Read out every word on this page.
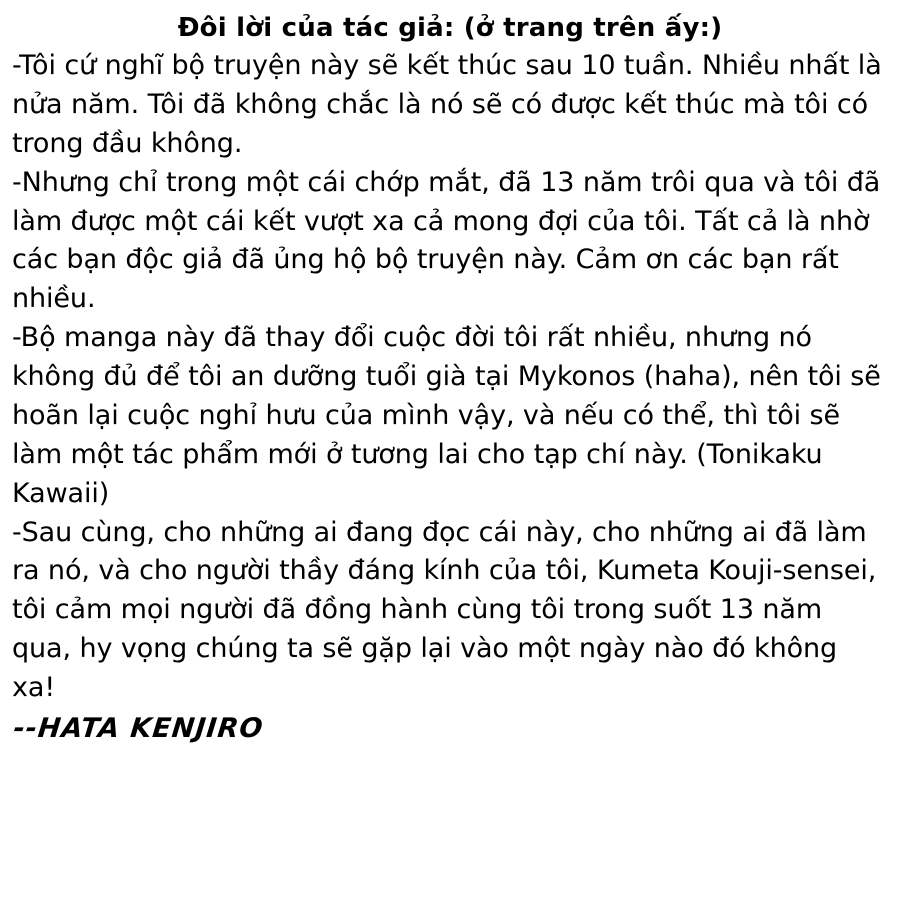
Đôi lời của tác giả: (ở trang trên ấy:)

-Tôi cứ nghĩ bộ truyện này sẽ kết thúc sau 10 tuần. Nhiều nhất là nửa năm. Tôi đã không chắc là nó sẽ có được kết thúc mà tôi có trong đầu không.

-Nhưng chỉ trong một cái chớp mắt, đã 13 năm trôi qua và tôi đã làm được một cái kết vượt xa cả mong đợi của tôi. Tất cả là nhờ các bạn độc giả đã ủng hộ bộ truyện này. Cảm ơn các bạn rất nhiều.

-Bộ manga này đã thay đổi cuộc đời tôi rất nhiều, nhưng nó không đủ để tôi an dưỡng tuổi già tại Mykonos (haha), nên tôi sẽ hoãn lại cuộc nghỉ hưu của mình vậy, và nếu có thể, thì tôi sẽ làm một tác phẩm mới ở tương lai cho tạp chí này. (Tonikaku Kawaii)

-Sau cùng, cho những ai đang đọc cái này, cho những ai đã làm ra nó, và cho người thầy đáng kính của tôi, Kumeta Kouji-sensei, tôi cảm mọi người đã đồng hành cùng tôi trong suốt 13 năm qua, hy vọng chúng ta sẽ gặp lại vào một ngày nào đó không xa!

--HATA KENJIRO
